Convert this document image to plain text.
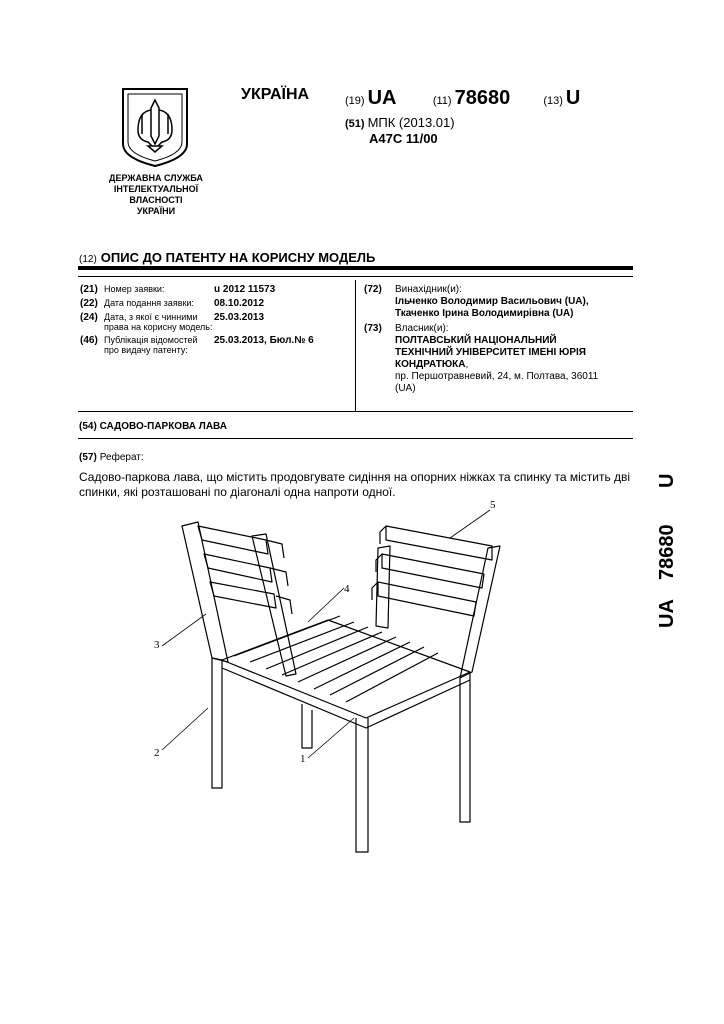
ДЕРЖАВНА СЛУЖБА
ІНТЕЛЕКТУАЛЬНОЇ
ВЛАСНОСТІ
УКРАЇНИ
УКРАЇНА	(19) UA	(11) 78680	(13) U
(51) МПК (2013.01)
A47C 11/00
(12) ОПИС ДО ПАТЕНТУ НА КОРИСНУ МОДЕЛЬ
(21) Номер заявки:	u 2012 11573
(22) Дата подання заявки:	08.10.2012
(24) Дата, з якої є чинними права на корисну модель:
25.03.2013
(46) Публікація відомостей про видачу патенту:
25.03.2013, Бюл.№ 6
(72)	Винахідник(и):
Ільченко Володимир Васильович (UA),
Ткаченко Ірина Володимирівна (UA)
(73)	Власник(и):
ПОЛТАВСЬКИЙ НАЦІОНАЛЬНИЙ
ТЕХНІЧНИЙ УНІВЕРСИТЕТ ІМЕНІ ЮРІЯ
КОНДРАТЮКА,
пр. Першотравневий, 24, м. Полтава, 36011
(UA)
(54) САДОВО-ПАРКОВА ЛАВА
(57) Реферат:
Садово-паркова лава, що містить продовгувате сидіння на опорних ніжках та спинку та містить дві спинки, які розташовані по діагоналі одна напроти одної.
UA
78680
U
3
2	1
4
5
